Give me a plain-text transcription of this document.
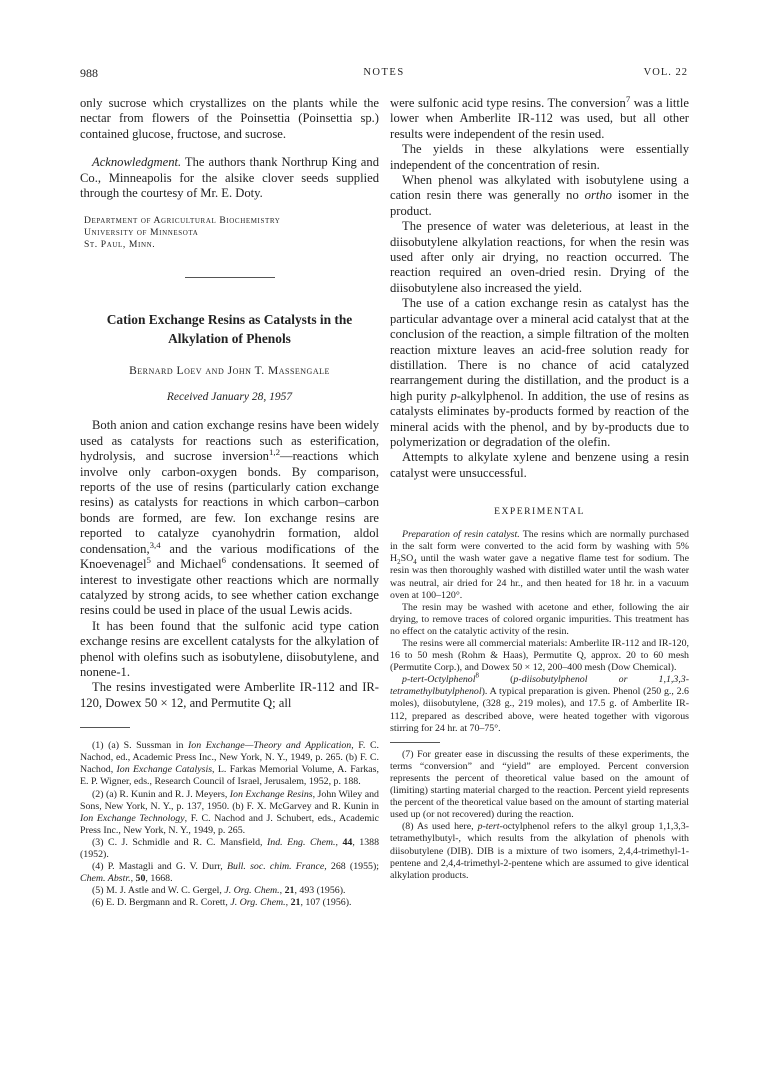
988	NOTES	VOL. 22

only sucrose which crystallizes on the plants while the nectar from flowers of the Poinsettia (Poinsettia sp.) contained glucose, fructose, and sucrose.

Acknowledgment. The authors thank Northrup King and Co., Minneapolis for the alsike clover seeds supplied through the courtesy of Mr. E. Doty.

Department of Agricultural Biochemistry
University of Minnesota
St. Paul, Minn.
Cation Exchange Resins as Catalysts in the Alkylation of Phenols
Bernard Loev and John T. Massengale
Received January 28, 1957

Both anion and cation exchange resins have been widely used as catalysts for reactions such as esterification, hydrolysis, and sucrose inversion$^{1,2}$—reactions which involve only carbon-oxygen bonds. By comparison, reports of the use of resins (particularly cation exchange resins) as catalysts for reactions in which carbon–carbon bonds are formed, are few. Ion exchange resins are reported to catalyze cyanohydrin formation, aldol condensation,$^{3,4}$ and the various modifications of the Knoevenagel$^5$ and Michael$^6$ condensations. It seemed of interest to investigate other reactions which are normally catalyzed by strong acids, to see whether cation exchange resins could be used in place of the usual Lewis acids.

It has been found that the sulfonic acid type cation exchange resins are excellent catalysts for the alkylation of phenol with olefins such as isobutylene, diisobutylene, and nonene-1.

The resins investigated were Amberlite IR-112 and IR-120, Dowex 50 × 12, and Permutite Q; all

(1) (a) S. Sussman in Ion Exchange—Theory and Application, F. C. Nachod, ed., Academic Press Inc., New York, N. Y., 1949, p. 265. (b) F. C. Nachod, Ion Exchange Catalysis, L. Farkas Memorial Volume, A. Farkas, E. P. Wigner, eds., Research Council of Israel, Jerusalem, 1952, p. 188.

(2) (a) R. Kunin and R. J. Meyers, Ion Exchange Resins, John Wiley and Sons, New York, N. Y., p. 137, 1950. (b) F. X. McGarvey and R. Kunin in Ion Exchange Technology, F. C. Nachod and J. Schubert, eds., Academic Press Inc., New York, N. Y., 1949, p. 265.

(3) C. J. Schmidle and R. C. Mansfield, Ind. Eng. Chem., 44, 1388 (1952).

(4) P. Mastagli and G. V. Durr, Bull. soc. chim. France, 268 (1955); Chem. Abstr., 50, 1668.

(5) M. J. Astle and W. C. Gergel, J. Org. Chem., 21, 493 (1956).

(6) E. D. Bergmann and R. Corett, J. Org. Chem., 21, 107 (1956).

were sulfonic acid type resins. The conversion$^7$ was a little lower when Amberlite IR-112 was used, but all other results were independent of the resin used.

The yields in these alkylations were essentially independent of the concentration of resin.

When phenol was alkylated with isobutylene using a cation resin there was generally no ortho isomer in the product.

The presence of water was deleterious, at least in the diisobutylene alkylation reactions, for when the resin was used after only air drying, no reaction occurred. The reaction required an oven-dried resin. Drying of the diisobutylene also increased the yield.

The use of a cation exchange resin as catalyst has the particular advantage over a mineral acid catalyst that at the conclusion of the reaction, a simple filtration of the molten reaction mixture leaves an acid-free solution ready for distillation. There is no chance of acid catalyzed rearrangement during the distillation, and the product is a high purity p-alkylphenol. In addition, the use of resins as catalysts eliminates by-products formed by reaction of the mineral acids with the phenol, and by by-products due to polymerization or degradation of the olefin.

Attempts to alkylate xylene and benzene using a resin catalyst were unsuccessful.

EXPERIMENTAL

Preparation of resin catalyst. The resins which are normally purchased in the salt form were converted to the acid form by washing with 5% $H_2SO_4$ until the wash water gave a negative flame test for sodium. The resin was then thoroughly washed with distilled water until the wash water was neutral, air dried for 24 hr., and then heated for 18 hr. in a vacuum oven at 100–120°.

The resin may be washed with acetone and ether, following the air drying, to remove traces of colored organic impurities. This treatment has no effect on the catalytic activity of the resin.

The resins were all commercial materials: Amberlite IR-112 and IR-120, 16 to 50 mesh (Rohm & Haas), Permutite Q, approx. 20 to 60 mesh (Permutite Corp.), and Dowex 50 × 12, 200–400 mesh (Dow Chemical).

p-tert-Octylphenol$^8$ (p-diisobutylphenol or 1,1,3,3-tetramethylbutylphenol). A typical preparation is given. Phenol (250 g., 2.6 moles), diisobutylene, (328 g., 219 moles), and 17.5 g. of Amberlite IR-112, prepared as described above, were heated together with vigorous stirring for 24 hr. at 70–75°.

(7) For greater ease in discussing the results of these experiments, the terms “conversion” and “yield” are employed. Percent conversion represents the percent of theoretical value based on the amount of (limiting) starting material charged to the reaction. Percent yield represents the percent of the theoretical value based on the amount of starting material used up (or not recovered) during the reaction.

(8) As used here, p-tert-octylphenol refers to the alkyl group 1,1,3,3-tetramethylbutyl-, which results from the alkylation of phenols with diisobutylene (DIB). DIB is a mixture of two isomers, 2,4,4-trimethyl-1-pentene and 2,4,4-trimethyl-2-pentene which are assumed to give identical alkylation products.
